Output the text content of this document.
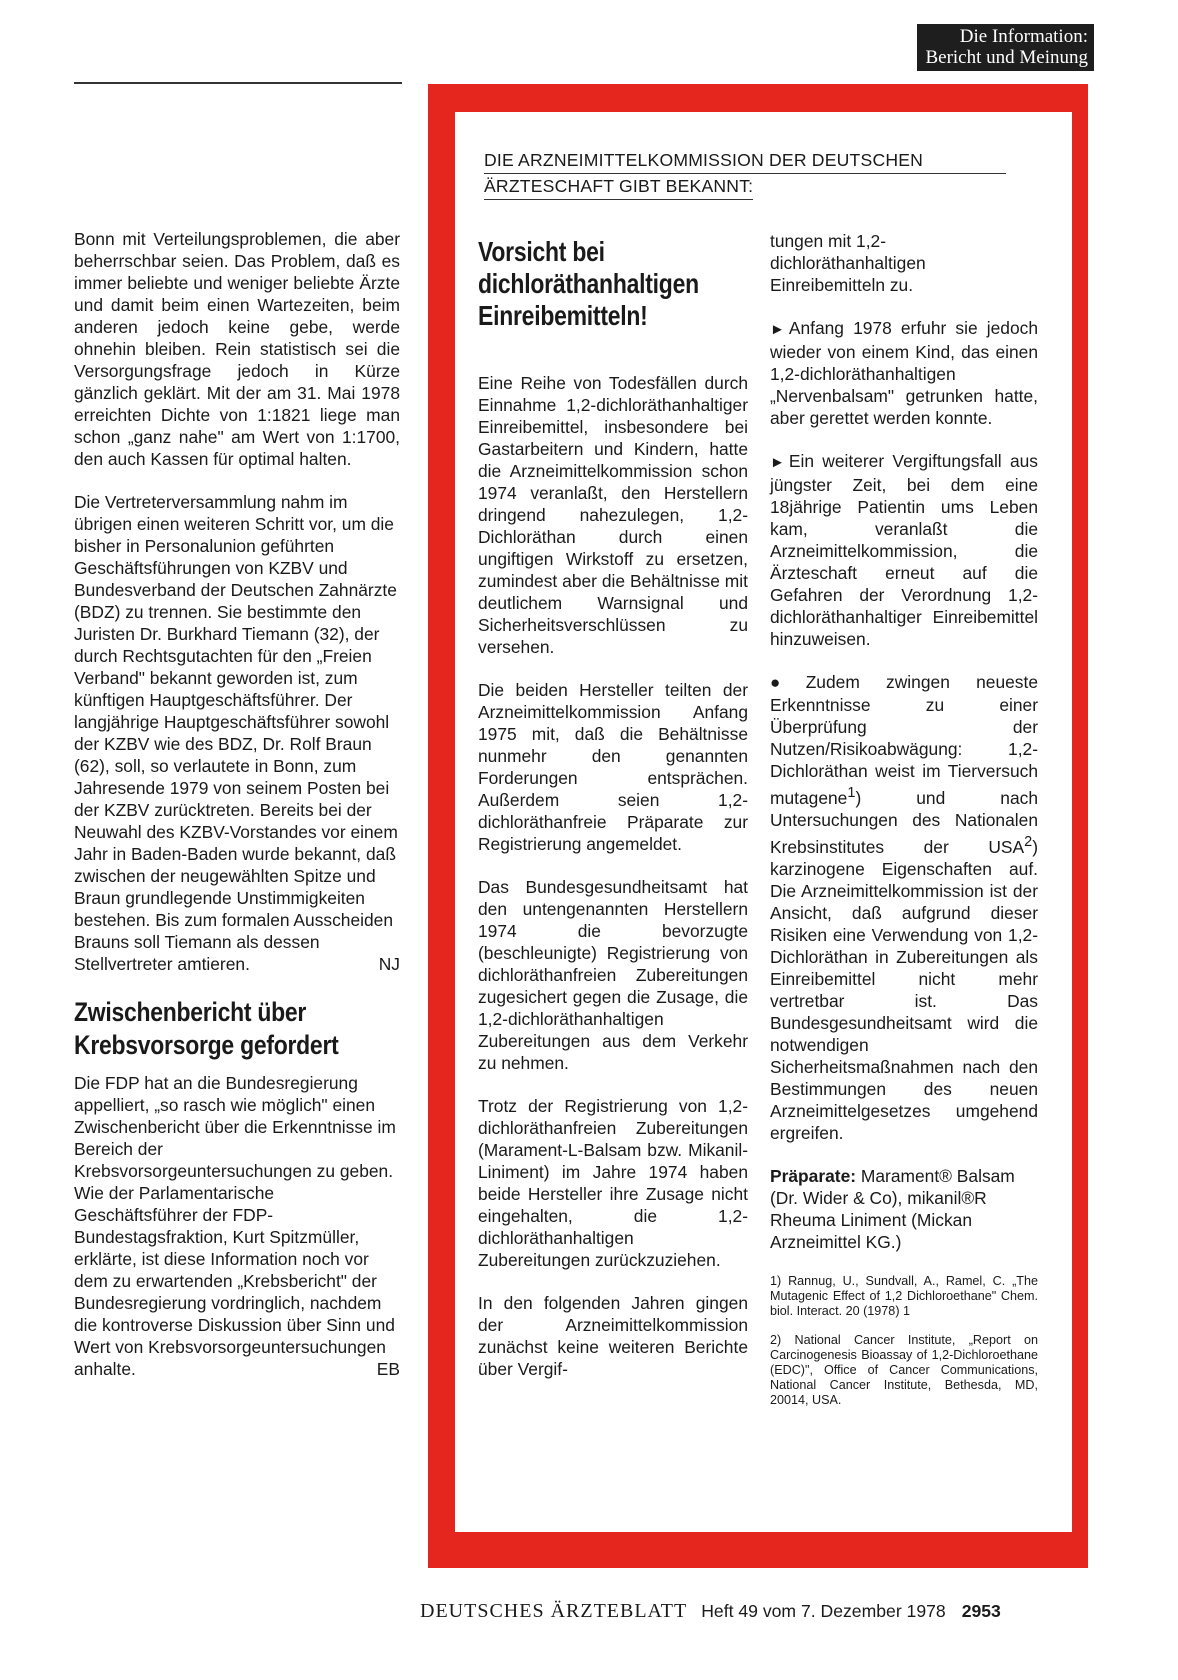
Die Information:
Bericht und Meinung

Bonn mit Verteilungsproblemen, die aber beherrschbar seien. Das Problem, daß es immer beliebte und weniger beliebte Ärzte und damit beim einen Wartezeiten, beim anderen jedoch keine gebe, werde ohnehin bleiben. Rein statistisch sei die Versorgungsfrage jedoch in Kürze gänzlich geklärt. Mit der am 31. Mai 1978 erreichten Dichte von 1:1821 liege man schon „ganz nahe" am Wert von 1:1700, den auch Kassen für optimal halten.

Die Vertreterversammlung nahm im übrigen einen weiteren Schritt vor, um die bisher in Personalunion geführten Geschäftsführungen von KZBV und Bundesverband der Deutschen Zahnärzte (BDZ) zu trennen. Sie bestimmte den Juristen Dr. Burkhard Tiemann (32), der durch Rechtsgutachten für den „Freien Verband" bekannt geworden ist, zum künftigen Hauptgeschäftsführer. Der langjährige Hauptgeschäftsführer sowohl der KZBV wie des BDZ, Dr. Rolf Braun (62), soll, so verlautete in Bonn, zum Jahresende 1979 von seinem Posten bei der KZBV zurücktreten. Bereits bei der Neuwahl des KZBV-Vorstandes vor einem Jahr in Baden-Baden wurde bekannt, daß zwischen der neugewählten Spitze und Braun grundlegende Unstimmigkeiten bestehen. Bis zum formalen Ausscheiden Brauns soll Tiemann als dessen Stellvertreter amtieren.	NJ

Zwischenbericht über Krebsvorsorge gefordert

Die FDP hat an die Bundesregierung appelliert, „so rasch wie möglich" einen Zwischenbericht über die Erkenntnisse im Bereich der Krebsvorsorgeuntersuchungen zu geben. Wie der Parlamentarische Geschäftsführer der FDP-Bundestagsfraktion, Kurt Spitzmüller, erklärte, ist diese Information noch vor dem zu erwartenden „Krebsbericht" der Bundesregierung vordringlich, nachdem die kontroverse Diskussion über Sinn und Wert von Krebsvorsorgeuntersuchungen anhalte.	EB

DIE ARZNEIMITTELKOMMISSION DER DEUTSCHEN
ÄRZTESCHAFT GIBT BEKANNT:
Vorsicht bei dichloräthanhaltigen Einreibemitteln!

Eine Reihe von Todesfällen durch Einnahme 1,2-dichloräthanhaltiger Einreibemittel, insbesondere bei Gastarbeitern und Kindern, hatte die Arzneimittelkommission schon 1974 veranlaßt, den Herstellern dringend nahezulegen, 1,2-Dichloräthan durch einen ungiftigen Wirkstoff zu ersetzen, zumindest aber die Behältnisse mit deutlichem Warnsignal und Sicherheitsverschlüssen zu versehen.

Die beiden Hersteller teilten der Arzneimittelkommission Anfang 1975 mit, daß die Behältnisse nunmehr den genannten Forderungen entsprächen. Außerdem seien 1,2-dichloräthanfreie Präparate zur Registrierung angemeldet.

Das Bundesgesundheitsamt hat den untengenannten Herstellern 1974 die bevorzugte (beschleunigte) Registrierung von dichloräthanfreien Zubereitungen zugesichert gegen die Zusage, die 1,2-dichloräthanhaltigen Zubereitungen aus dem Verkehr zu nehmen.

Trotz der Registrierung von 1,2-dichloräthanfreien Zubereitungen (Marament-L-Balsam bzw. Mikanil-Liniment) im Jahre 1974 haben beide Hersteller ihre Zusage nicht eingehalten, die 1,2-dichloräthanhaltigen Zubereitungen zurückzuziehen.

In den folgenden Jahren gingen der Arzneimittelkommission zunächst keine weiteren Berichte über Vergif-

tungen mit 1,2-dichloräthanhaltigen Einreibemitteln zu.

► Anfang 1978 erfuhr sie jedoch wieder von einem Kind, das einen 1,2-dichloräthanhaltigen „Nervenbalsam" getrunken hatte, aber gerettet werden konnte.

► Ein weiterer Vergiftungsfall aus jüngster Zeit, bei dem eine 18jährige Patientin ums Leben kam, veranlaßt die Arzneimittelkommission, die Ärzteschaft erneut auf die Gefahren der Verordnung 1,2-dichloräthanhaltiger Einreibemittel hinzuweisen.

● Zudem zwingen neueste Erkenntnisse zu einer Überprüfung der Nutzen/Risikoabwägung: 1,2-Dichloräthan weist im Tierversuch mutagene$^1$) und nach Untersuchungen des Nationalen Krebsinstitutes der USA$^2$) karzinogene Eigenschaften auf. Die Arzneimittelkommission ist der Ansicht, daß aufgrund dieser Risiken eine Verwendung von 1,2-Dichloräthan in Zubereitungen als Einreibemittel nicht mehr vertretbar ist. Das Bundesgesundheitsamt wird die notwendigen Sicherheitsmaßnahmen nach den Bestimmungen des neuen Arzneimittelgesetzes umgehend ergreifen.

Präparate: Marament® Balsam (Dr. Wider & Co), mikanil®R Rheuma Liniment (Mickan Arzneimittel KG.)

1) Rannug, U., Sundvall, A., Ramel, C. „The Mutagenic Effect of 1,2 Dichloroethane" Chem. biol. Interact. 20 (1978) 1

2) National Cancer Institute, „Report on Carcinogenesis Bioassay of 1,2-Dichloroethane (EDC)", Office of Cancer Communications, National Cancer Institute, Bethesda, MD, 20014, USA.

DEUTSCHES ÄRZTEBLATT Heft 49 vom 7. Dezember 1978 2953
